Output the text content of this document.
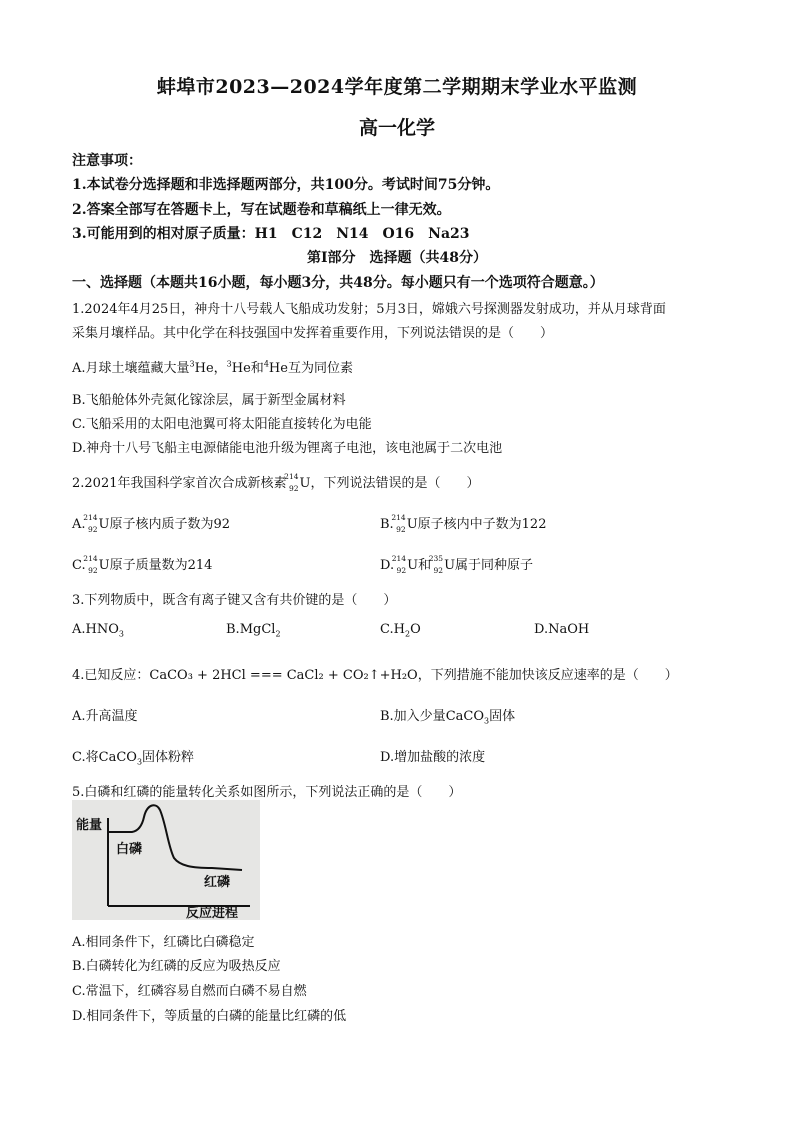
蚌埠市2023—2024学年度第二学期期末学业水平监测
高一化学
注意事项：
1.本试卷分选择题和非选择题两部分，共100分。考试时间75分钟。
2.答案全部写在答题卡上，写在试题卷和草稿纸上一律无效。
3.可能用到的相对原子质量：H1　C12　N14　O16　Na23
第Ⅰ部分　选择题（共48分）
一、选择题（本题共16小题，每小题3分，共48分。每小题只有一个选项符合题意。）
1.2024年4月25日，神舟十八号载人飞船成功发射；5月3日，嫦娥六号探测器发射成功，并从月球背面
采集月壤样品。其中化学在科技强国中发挥着重要作用，下列说法错误的是（　　）
A.月球土壤蕴藏大量$^3$He，$^3$He和$^4$He互为同位素
B.飞船舱体外壳氮化镓涂层，属于新型金属材料
C.飞船采用的太阳电池翼可将太阳能直接转化为电能
D.神舟十八号飞船主电源储能电池升级为锂离子电池，该电池属于二次电池
2.2021年我国科学家首次合成新核素
214
92 U，下列说法错误的是（　　）
A.
214
92 U原子核内质子数为92	B.
214
92 U原子核内中子数为122
C.
214
92 U原子质量数为214	D.
214
92 U和
235
92 U属于同种原子
3.下列物质中，既含有离子键又含有共价键的是（　　）
$A.HNO_3$	B.MgCl$_2$	$C.H_2O$	D.NaOH
4.已知反应：CaCO₃ + 2HCl === CaCl₂ + CO₂↑+H₂O，下列措施不能加快该反应速率的是（　　）
A.升高温度	B.加入少量CaCO$_3$固体
C.将CaCO$_3$固体粉粹	D.增加盐酸的浓度
5.白磷和红磷的能量转化关系如图所示，下列说法正确的是（　　）
能量
白磷
红磷
反应进程
A.相同条件下，红磷比白磷稳定
B.白磷转化为红磷的反应为吸热反应
C.常温下，红磷容易自燃而白磷不易自燃
D.相同条件下，等质量的白磷的能量比红磷的低
